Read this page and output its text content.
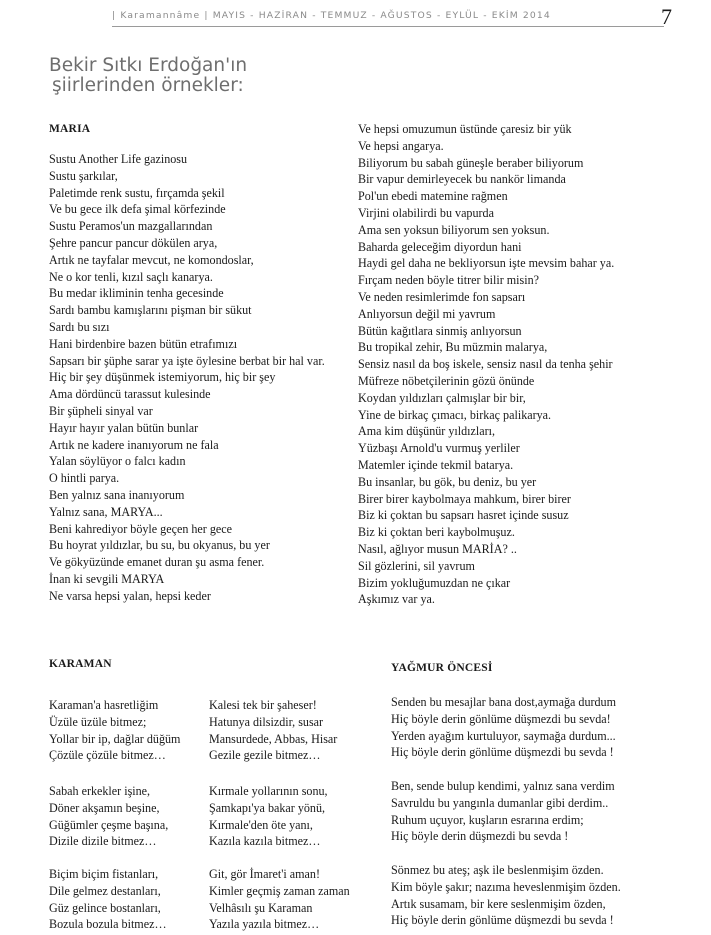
| Karamannâme | MAYIS - HAZİRAN - TEMMUZ - AĞUSTOS - EYLÜL - EKİM 2014	7
Bekir Sıtkı Erdoğan'ın
şiirlerinden örnekler:
MARIA
Sustu Another Life gazinosu
Sustu şarkılar,
Paletimde renk sustu, fırçamda şekil
Ve bu gece ilk defa şimal körfezinde
Sustu Peramos'un mazgallarından
Şehre pancur pancur dökülen arya,
Artık ne tayfalar mevcut, ne komondoslar,
Ne o kor tenli, kızıl saçlı kanarya.
Bu medar ikliminin tenha gecesinde
Sardı bambu kamışlarını pişman bir sükut
Sardı bu sızı
Hani birdenbire bazen bütün etrafımızı
Sapsarı bir şüphe sarar ya işte öylesine berbat bir hal var.
Hiç bir şey düşünmek istemiyorum, hiç bir şey
Ama dördüncü tarassut kulesinde
Bir şüpheli sinyal var
Hayır hayır yalan bütün bunlar
Artık ne kadere inanıyorum ne fala
Yalan söylüyor o falcı kadın
O hintli parya.
Ben yalnız sana inanıyorum
Yalnız sana, MARYA...
Beni kahrediyor böyle geçen her gece
Bu hoyrat yıldızlar, bu su, bu okyanus, bu yer
Ve gökyüzünde emanet duran şu asma fener.
İnan ki sevgili MARYA
Ne varsa hepsi yalan, hepsi keder
Ve hepsi omuzumun üstünde çaresiz bir yük
Ve hepsi angarya.
Biliyorum bu sabah güneşle beraber biliyorum
Bir vapur demirleyecek bu nankör limanda
Pol'un ebedi matemine rağmen
Virjini olabilirdi bu vapurda
Ama sen yoksun biliyorum sen yoksun.
Baharda geleceğim diyordun hani
Haydi gel daha ne bekliyorsun işte mevsim bahar ya.
Fırçam neden böyle titrer bilir misin?
Ve neden resimlerimde fon sapsarı
Anlıyorsun değil mi yavrum
Bütün kağıtlara sinmiş anlıyorsun
Bu tropikal zehir, Bu müzmin malarya,
Sensiz nasıl da boş iskele, sensiz nasıl da tenha şehir
Müfreze nöbetçilerinin gözü önünde
Koydan yıldızları çalmışlar bir bir,
Yine de birkaç çımacı, birkaç palikarya.
Ama kim düşünür yıldızları,
Yüzbaşı Arnold'u vurmuş yerliler
Matemler içinde tekmil batarya.
Bu insanlar, bu gök, bu deniz, bu yer
Birer birer kaybolmaya mahkum, birer birer
Biz ki çoktan bu sapsarı hasret içinde susuz
Biz ki çoktan beri kaybolmuşuz.
Nasıl, ağlıyor musun MARİA? ..
Sil gözlerini, sil yavrum
Bizim yokluğumuzdan ne çıkar
Aşkımız var ya.
KARAMAN
Karaman'a hasretliğim
Üzüle üzüle bitmez;
Yollar bir ip, dağlar düğüm
Çözüle çözüle bitmez…
Sabah erkekler işine,
Döner akşamın beşine,
Güğümler çeşme başına,
Dizile dizile bitmez…
Biçim biçim fistanları,
Dile gelmez destanları,
Güz gelince bostanları,
Bozula bozula bitmez…
Kalesi tek bir şaheser!
Hatunya dilsizdir, susar
Mansurdede, Abbas, Hisar
Gezile gezile bitmez…
Kırmale yollarının sonu,
Şamkapı'ya bakar yönü,
Kırmale'den öte yanı,
Kazıla kazıla bitmez…
Git, gör İmaret'i aman!
Kimler geçmiş zaman zaman
Velhâsılı şu Karaman
Yazıla yazıla bitmez…
YAĞMUR ÖNCESİ
Senden bu mesajlar bana dost,aymağa durdum
Hiç böyle derin gönlüme düşmezdi bu sevda!
Yerden ayağım kurtuluyor, saymağa durdum...
Hiç böyle derin gönlüme düşmezdi bu sevda !
Ben, sende bulup kendimi, yalnız sana verdim
Savruldu bu yangınla dumanlar gibi derdim..
Ruhum uçuyor, kuşların esrarına erdim;
Hiç böyle derin düşmezdi bu sevda !
Sönmez bu ateş; aşk ile beslenmişim özden.
Kim böyle şakır; nazıma heveslenmişim özden.
Artık susamam, bir kere seslenmişim özden,
Hiç böyle derin gönlüme düşmezdi bu sevda !
